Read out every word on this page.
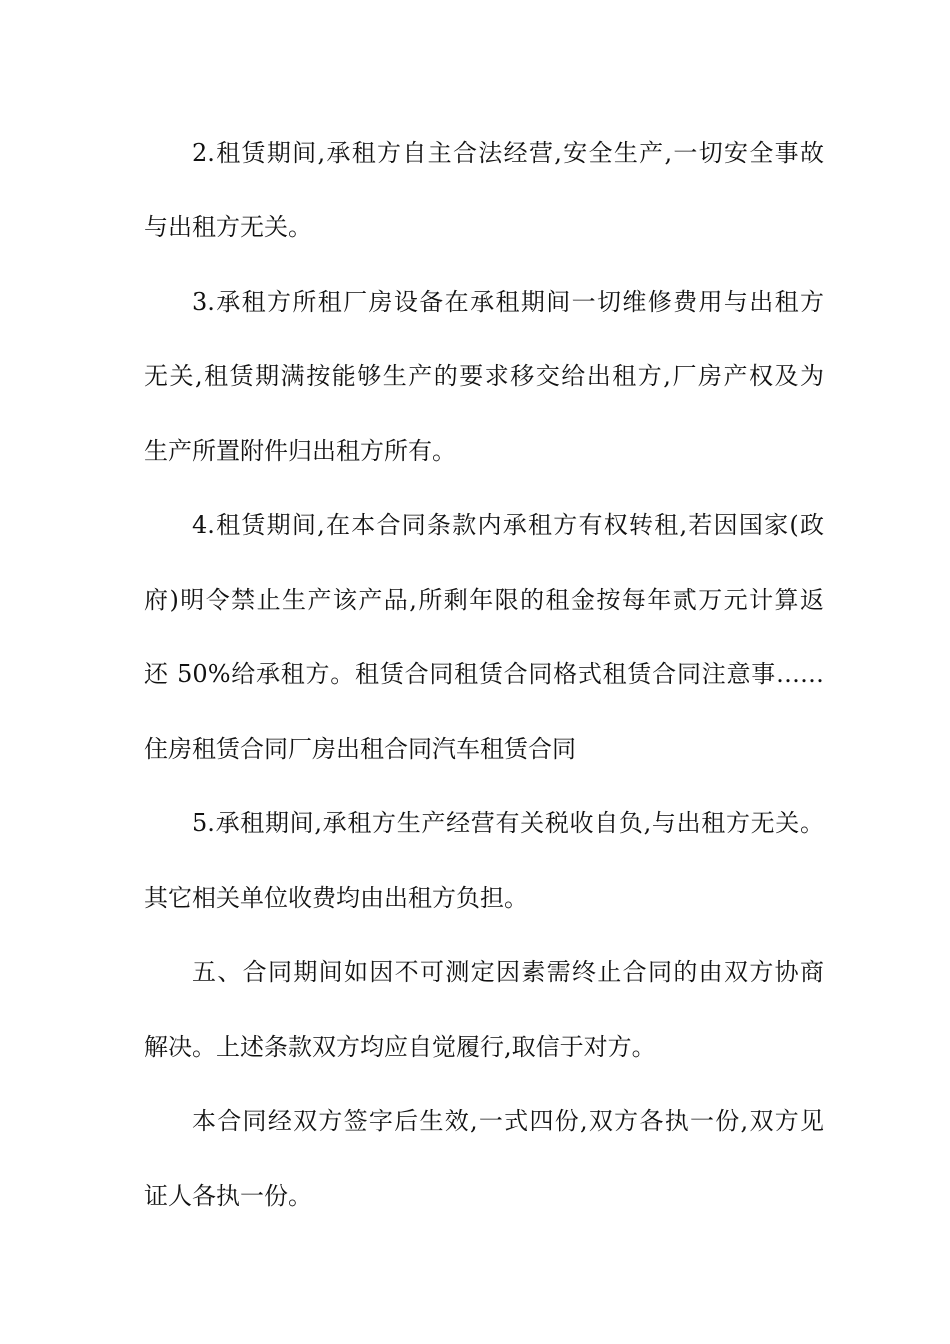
2.租赁期间,承租方自主合法经营,安全生产,一切安全事故
与出租方无关。
3.承租方所租厂房设备在承租期间一切维修费用与出租方
无关,租赁期满按能够生产的要求移交给出租方,厂房产权及为
生产所置附件归出租方所有。
4.租赁期间,在本合同条款内承租方有权转租,若因国家(政
府)明令禁止生产该产品,所剩年限的租金按每年贰万元计算返
还 50%给承租方。租赁合同租赁合同格式租赁合同注意事……
住房租赁合同厂房出租合同汽车租赁合同
5.承租期间,承租方生产经营有关税收自负,与出租方无关。
其它相关单位收费均由出租方负担。
五、合同期间如因不可测定因素需终止合同的由双方协商
解决。上述条款双方均应自觉履行,取信于对方。
本合同经双方签字后生效,一式四份,双方各执一份,双方见
证人各执一份。
